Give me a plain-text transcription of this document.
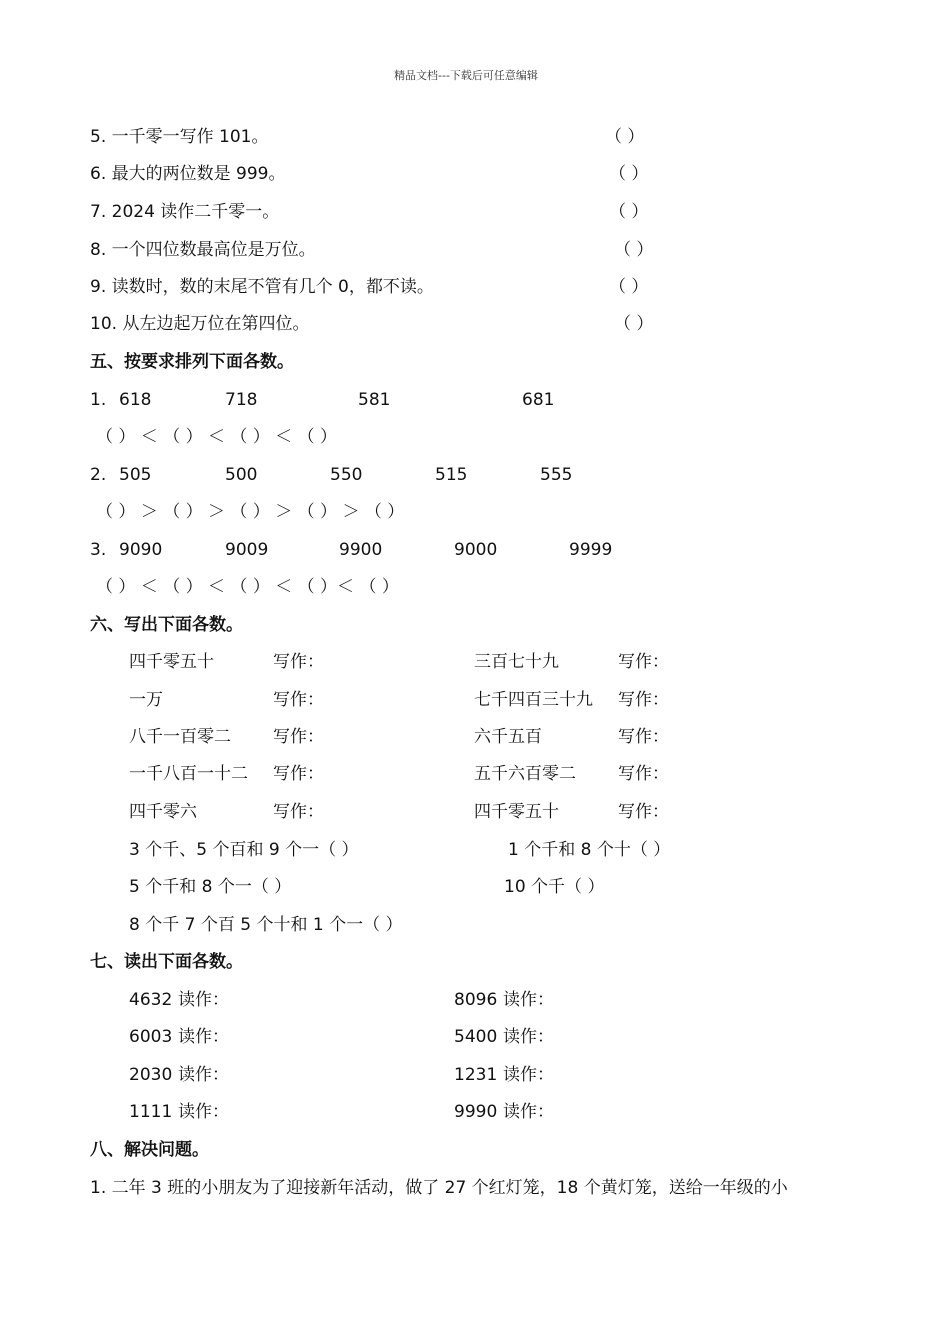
精品文档---下载后可任意编辑
5. 一千零一写作 101。	（ ）
6. 最大的两位数是 999。	（ ）
7. 2024 读作二千零一。	（ ）
8. 一个四位数最高位是万位。	（ ）
9. 读数时，数的末尾不管有几个 0，都不读。	（ ）
10. 从左边起万位在第四位。	（ ）
五、按要求排列下面各数。
1. 618	718	581	681
（ ） ＜ （ ） ＜ （ ） ＜ （ ）
2. 505	500	550	515	555
（ ） ＞ （ ） ＞ （ ） ＞ （ ） ＞ （ ）
3. 9090	9009	9900	9000	9999
（ ） ＜ （ ） ＜ （ ） ＜ （ ）＜ （ ）
六、写出下面各数。
四千零五十	写作：	三百七十九	写作：
一万	写作：	七千四百三十九 写作：
八千一百零二 写作：	六千五百	写作：
一千八百一十二 写作：	五千六百零二 写作：
四千零六	写作：	四千零五十	写作：
3 个千、5 个百和 9 个一（ ）	1 个千和 8 个十（ ）
5 个千和 8 个一（ ）	10 个千（ ）
8 个千 7 个百 5 个十和 1 个一（ ）
七、读出下面各数。
4632 读作：	8096 读作：
6003 读作：	5400 读作：
2030 读作：	1231 读作：
1111 读作：	9990 读作：
八、解决问题。
1. 二年 3 班的小朋友为了迎接新年活动，做了 27 个红灯笼，18 个黄灯笼，送给一年级的小
